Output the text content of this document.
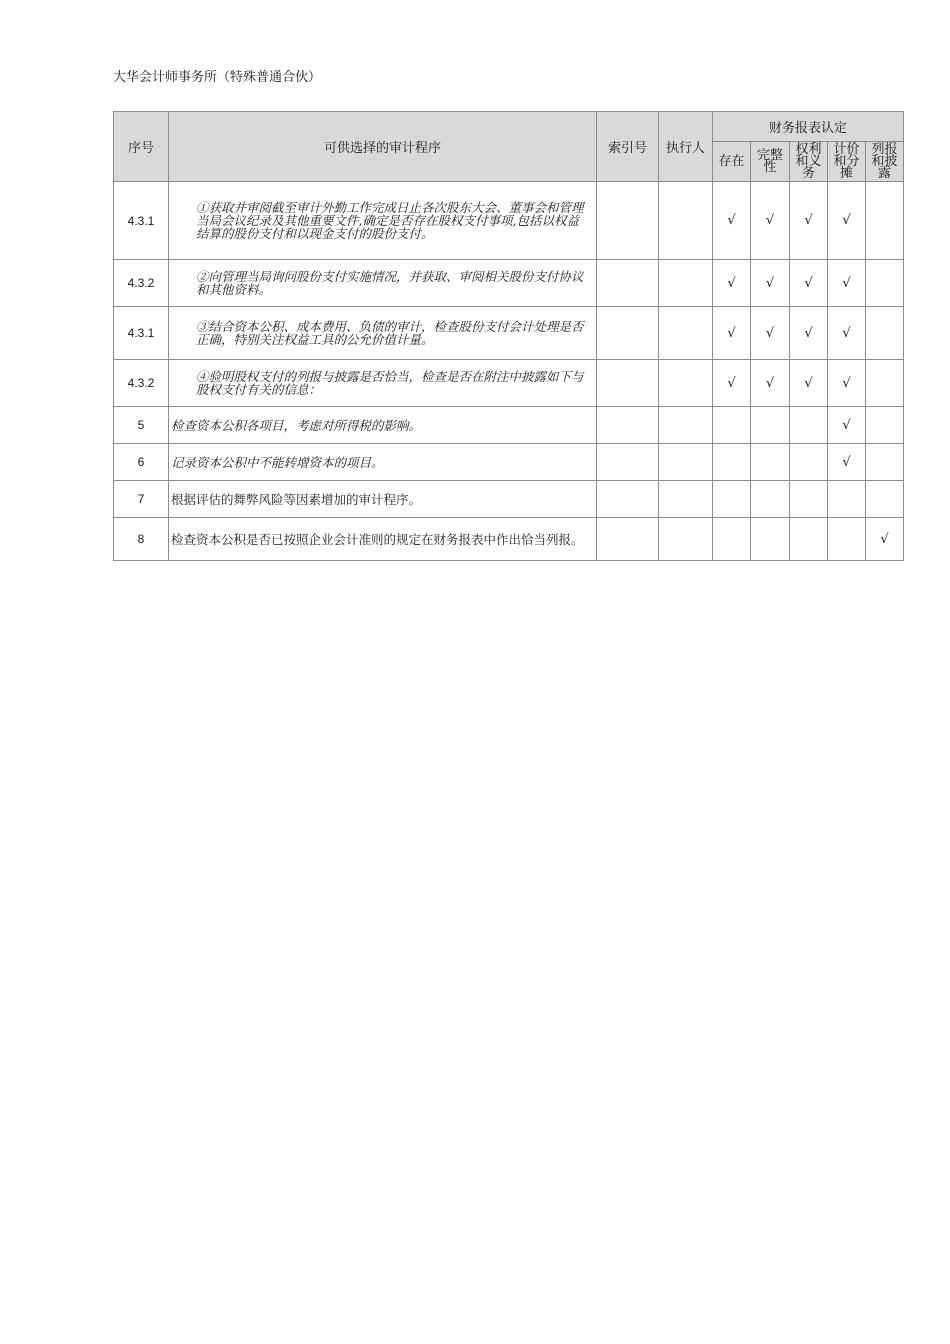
大华会计师事务所（特殊普通合伙）
序号	可供选择的审计程序	索引号	执行人	财务报表认定				

				存在	完整性	权利和义务	计价和分摊	列报和披露

4.3.1	①获取并审阅截至审计外勤工作完成日止各次股东大会、董事会和管理当局会议纪录及其他重要文件,确定是否存在股权支付事项,包括以权益结算的股份支付和以现金支付的股份支付。			√	√	√	√	
4.3.2	②向管理当局询问股份支付实施情况，并获取、审阅相关股份支付协议和其他资料。			√	√	√	√	
4.3.1	③结合资本公积、成本费用、负债的审计，检查股份支付会计处理是否正确，特别关注权益工具的公允价值计量。			√	√	√	√	
4.3.2	④验明股权支付的列报与披露是否恰当，检查是否在附注中披露如下与股权支付有关的信息：			√	√	√	√	
5	检查资本公积各项目，考虑对所得税的影响。						√	
6	记录资本公积中不能转增资本的项目。						√	
7	根据评估的舞弊风险等因素增加的审计程序。							
8	检查资本公积是否已按照企业会计准则的规定在财务报表中作出恰当列报。							√
